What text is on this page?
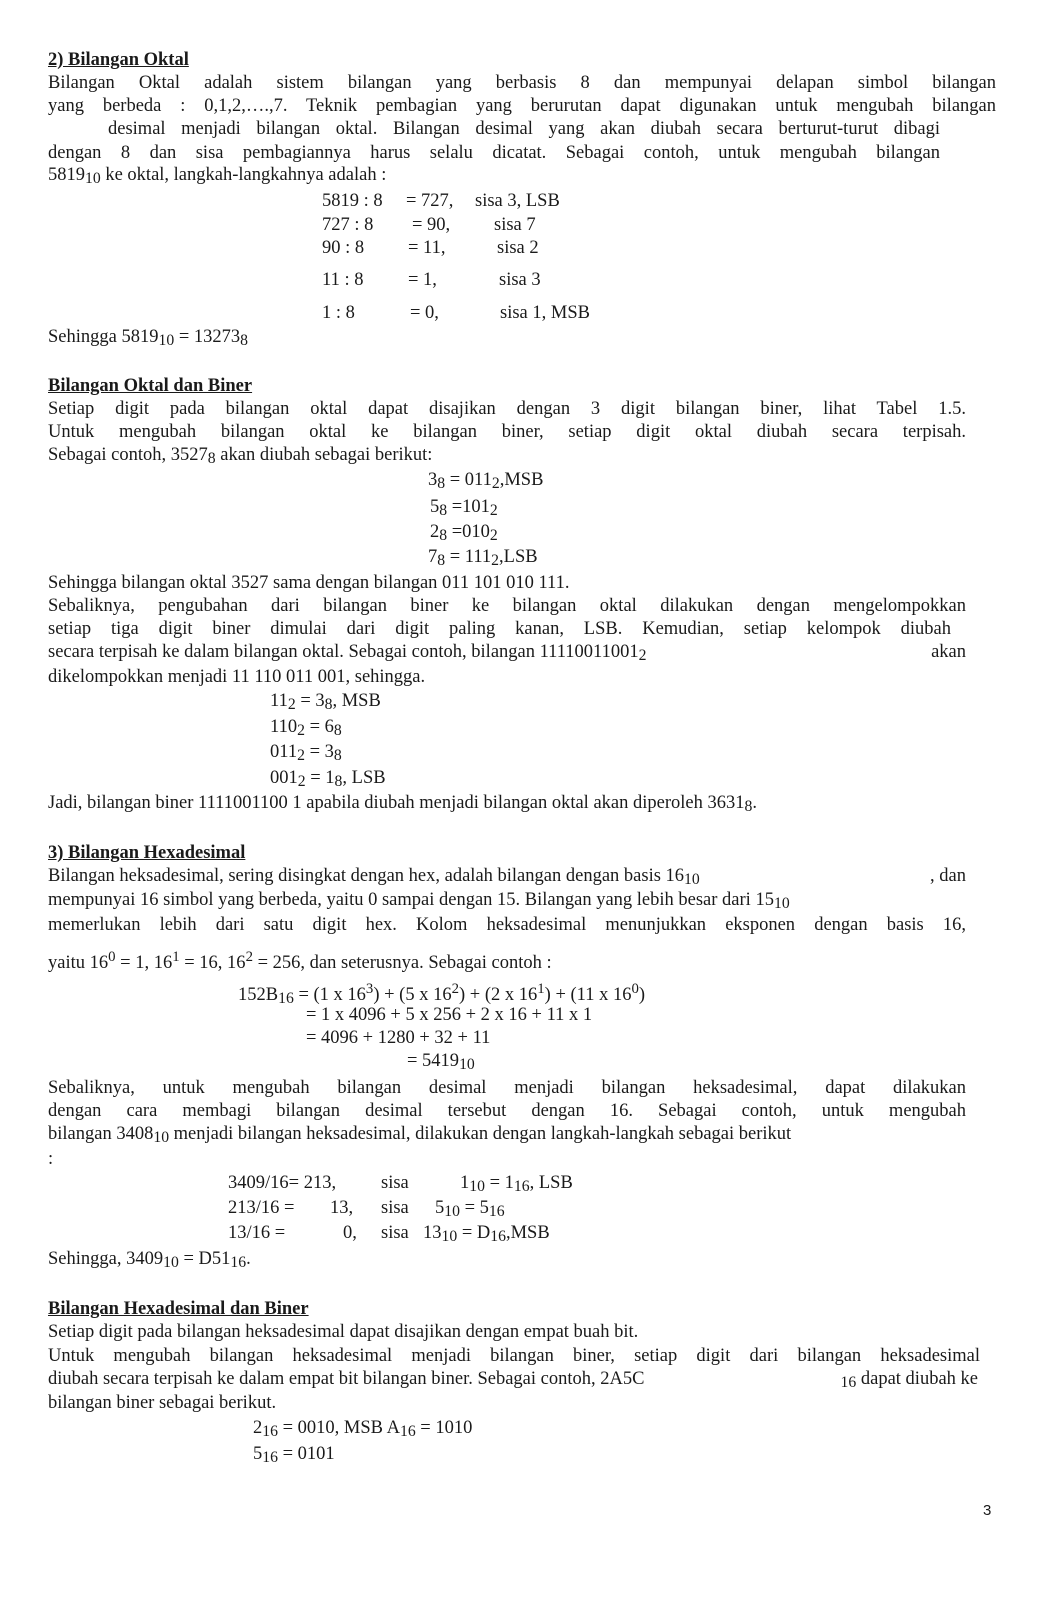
2) Bilangan Oktal
Bilangan Oktal adalah sistem bilangan yang berbasis 8 dan mempunyai delapan simbol bilangan
yang berbeda : 0,1,2,….,7. Teknik pembagian yang berurutan dapat digunakan untuk mengubah bilangan
desimal menjadi bilangan oktal. Bilangan desimal yang akan diubah secara berturut-turut dibagi
dengan 8 dan sisa pembagiannya harus selalu dicatat. Sebagai contoh, untuk mengubah bilangan
581910 ke oktal, langkah-langkahnya adalah :
5819 : 8 = 727, sisa 3, LSB
727 : 8 = 90, sisa 7
90 : 8 = 11,	sisa 2
11 : 8 = 1,	sisa 3
1 : 8	= 0,	sisa 1, MSB
Sehingga 581910 = 132738
Bilangan Oktal dan Biner
Setiap digit pada bilangan oktal dapat disajikan dengan 3 digit bilangan biner, lihat Tabel 1.5.
Untuk mengubah bilangan oktal ke bilangan biner, setiap digit oktal diubah secara terpisah.
Sebagai contoh, 35278 akan diubah sebagai berikut:
38 = 0112,MSB
58 =1012
28 =0102
78 = 1112,LSB
Sehingga bilangan oktal 3527 sama dengan bilangan 011 101 010 111.
Sebaliknya, pengubahan dari bilangan biner ke bilangan oktal dilakukan dengan mengelompokkan
setiap tiga digit biner dimulai dari digit paling kanan, LSB. Kemudian, setiap kelompok diubah
secara terpisah ke dalam bilangan oktal. Sebagai contoh, bilangan 111100110012	akan
dikelompokkan menjadi 11 110 011 001, sehingga.
112 = 38, MSB
1102 = 68
0112 = 38
0012 = 18, LSB
Jadi, bilangan biner 1111001100 1 apabila diubah menjadi bilangan oktal akan diperoleh 36318.
3) Bilangan Hexadesimal
Bilangan heksadesimal, sering disingkat dengan hex, adalah bilangan dengan basis 1610	, dan
mempunyai 16 simbol yang berbeda, yaitu 0 sampai dengan 15. Bilangan yang lebih besar dari 1510
memerlukan lebih dari satu digit hex. Kolom heksadesimal menunjukkan eksponen dengan basis 16,
yaitu $16^0 = 1$, $16^1 = 16$, $16^2 = 256$, dan seterusnya. Sebagai contoh :
152B16 = (1 x $16^3) + (5$ x $16^2) + (2$ x $16^1) + (11$ x $16^0$)
= 1 x 4096 + 5 x 256 + 2 x 16 + 11 x 1
= 4096 + 1280 + 32 + 11
= 541910
Sebaliknya, untuk mengubah bilangan desimal menjadi bilangan heksadesimal, dapat dilakukan
dengan cara membagi bilangan desimal tersebut dengan 16. Sebagai contoh, untuk mengubah
bilangan 340810 menjadi bilangan heksadesimal, dilakukan dengan langkah-langkah sebagai berikut
:
3409/16= 213, sisa	110 = 116, LSB
213/16 = 13, sisa 510 = 516
13/16 =	0, sisa 1310 = D16,MSB
Sehingga, 340910 = D5116.
Bilangan Hexadesimal dan Biner
Setiap digit pada bilangan heksadesimal dapat disajikan dengan empat buah bit.
Untuk mengubah bilangan heksadesimal menjadi bilangan biner, setiap digit dari bilangan heksadesimal
diubah secara terpisah ke dalam empat bit bilangan biner. Sebagai contoh, 2A5C	16 dapat diubah ke
bilangan biner sebagai berikut.
216 = 0010, MSB A16 = 1010
516 = 0101
3
